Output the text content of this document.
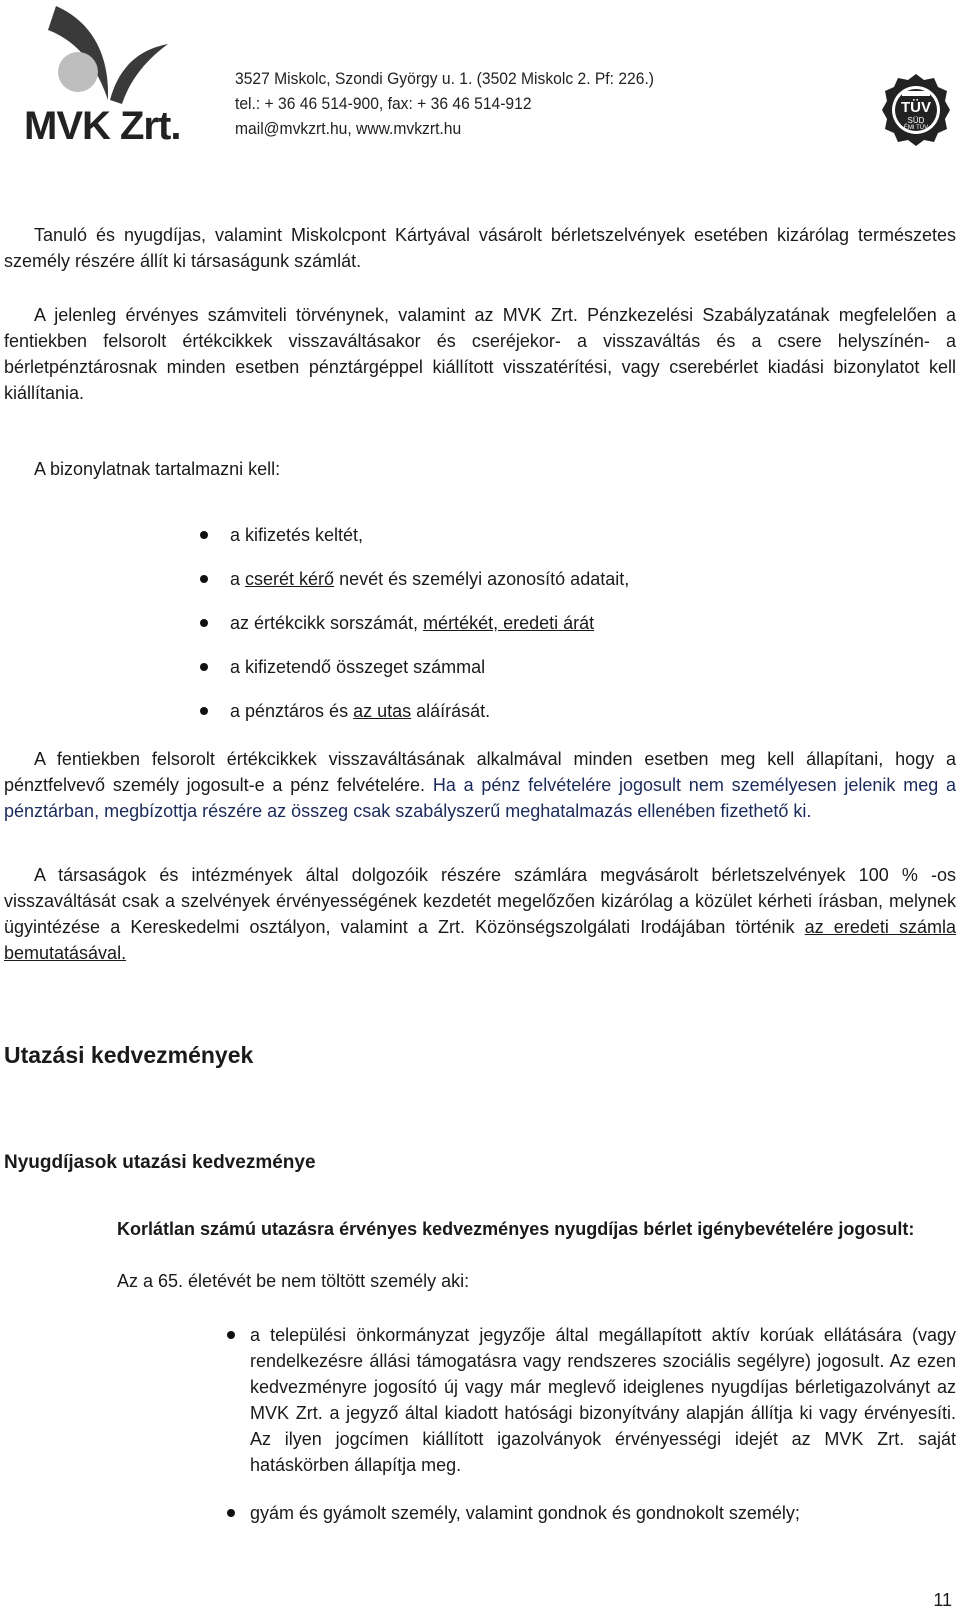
MVK Zrt.
3527 Miskolc, Szondi György u. 1. (3502 Miskolc 2. Pf: 226.)
tel.: + 36 46 514-900, fax: + 36 46 514-912
mail@mvkzrt.hu, www.mvkzrt.hu
TÜV
SÜD
ÉMI TÜV
Tanuló és nyugdíjas, valamint Miskolcpont Kártyával vásárolt bérletszelvények esetében kizárólag természetes személy részére állít ki társaságunk számlát.
A jelenleg érvényes számviteli törvénynek, valamint az MVK Zrt. Pénzkezelési Szabályzatának megfelelően a fentiekben felsorolt értékcikkek visszaváltásakor és cseréjekor- a visszaváltás és a csere helyszínén- a bérletpénztárosnak minden esetben pénztárgéppel kiállított visszatérítési, vagy cserebérlet kiadási bizonylatot kell kiállítania.
A bizonylatnak tartalmazni kell:
a kifizetés keltét,
a cserét kérő nevét és személyi azonosító adatait,
az értékcikk sorszámát, mértékét, eredeti árát
a kifizetendő összeget számmal
a pénztáros és az utas aláírását.
A fentiekben felsorolt értékcikkek visszaváltásának alkalmával minden esetben meg kell állapítani, hogy a pénztfelvevő személy jogosult-e a pénz felvételére. Ha a pénz felvételére jogosult nem személyesen jelenik meg a pénztárban, megbízottja részére az összeg csak szabályszerű meghatalmazás ellenében fizethető ki.
A társaságok és intézmények által dolgozóik részére számlára megvásárolt bérletszelvények 100 % -os visszaváltását csak a szelvények érvényességének kezdetét megelőzően kizárólag a közület kérheti írásban, melynek ügyintézése a Kereskedelmi osztályon, valamint a Zrt. Közönségszolgálati Irodájában történik az eredeti számla bemutatásával.
Utazási kedvezmények
Nyugdíjasok utazási kedvezménye
Korlátlan számú utazásra érvényes kedvezményes nyugdíjas bérlet igénybevételére jogosult:
Az a 65. életévét be nem töltött személy aki:
a települési önkormányzat jegyzője által megállapított aktív korúak ellátására (vagy rendelkezésre állási támogatásra vagy rendszeres szociális segélyre) jogosult. Az ezen kedvezményre jogosító új vagy már meglevő ideiglenes nyugdíjas bérletigazolványt az MVK Zrt. a jegyző által kiadott hatósági bizonyítvány alapján állítja ki vagy érvényesíti. Az ilyen jogcímen kiállított igazolványok érvényességi idejét az MVK Zrt. saját hatáskörben állapítja meg.
gyám és gyámolt személy, valamint gondnok és gondnokolt személy;
11
